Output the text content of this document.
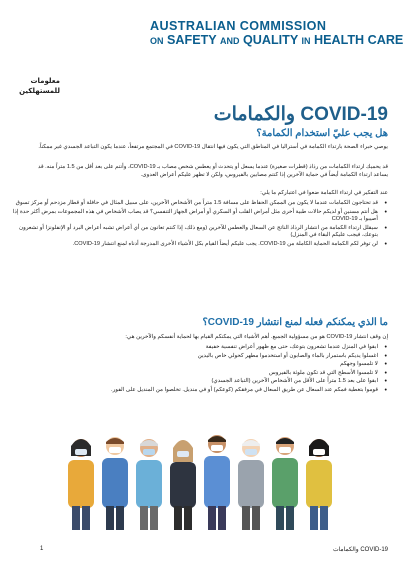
AUSTRALIAN COMMISSION
ON SAFETY AND QUALITY IN HEALTH CARE
معلومات
للمستهلكين
COVID-19 والكمامات
هل يجب عليّ استخدام الكمامة؟

يوصي خبراء الصحة بارتداء الكمامة في أستراليا في المناطق التي يكون فيها انتقال COVID-19 في المجتمع مرتفعاً، عندما يكون التباعد الجسدي غير ممكناً.

قد يحميك ارتداء الكمامات من رذاذ (قطرات صغيرة) عندما يسعل أو يتحدث أو يعطس شخص مصاب بـ COVID-19، وأنتم على بعد أقل من 1.5 متراً منه. قد يساعد ارتداء الكمامة أيضاً في حماية الآخرين إذا كنتم مصابين بالفيروس، ولكن لا تظهر عليكم أعراض العدوى.

عند التفكير في ارتداء الكمامة ضعوا في اعتباركم ما يلي:

• قد تحتاجون الكمامات عندما لا يكون من الممكن الحفاظ على مسافة 1.5 متراً من الأشخاص الآخرين، على سبيل المثال في حافلة أو قطار مزدحم أو مركز تسوق
• هل أنتم مسنين أو لديكم حالات طبية أخرى مثل أمراض القلب أو السكري أو أمراض الجهاز التنفسي؟ قد يصاب الأشخاص في هذه المجموعات بمرض أكثر حدة إذا أصيبوا بـ COVID-19
• سيقلل ارتداء الكمامة من انتشار الرذاذ الناتج عن السعال والعطس للآخرين (ومع ذلك، إذا كنتم تعانون من أي أعراض تشبه أعراض البرد أو الإنفلونزا أو تشعرون بتوعك، فيجب عليكم البقاء في المنزل)
• لن توفر لكم الكمامة الحماية الكاملة من COVID-19. يجب عليكم أيضاً القيام بكل الأشياء الأخرى المدرجة أدناه لمنع انتشار COVID-19.
ما الذي يمكنكم فعله لمنع انتشار COVID-19؟

إن وقف انتشار COVID-19 هو من مسؤولية الجميع. أهم الأشياء التي يمكنكم القيام بها لحماية أنفسكم والآخرين هي:

• ابقوا في المنزل عندما تشعرون بتوعك، حتى مع ظهور أعراض تنفسية خفيفة
• اغسلوا يديكم باستمرار بالماء والصابون أو استخدموا مطهر كحولي خاص باليدين
• لا تلمسوا وجهكم
• لا تلمسوا الأسطح التي قد تكون ملوثة بالفيروس
• ابقوا على بعد 1.5 متراً على الأقل من الأشخاص الآخرين (التباعد الجسدي)
• قوموا بتغطية فمكم عند السعال عن طريق السعال في مرفقكم (كوعكم) أو في منديل. تخلصوا من المنديل على الفور.
1	COVID-19 والكمامات
